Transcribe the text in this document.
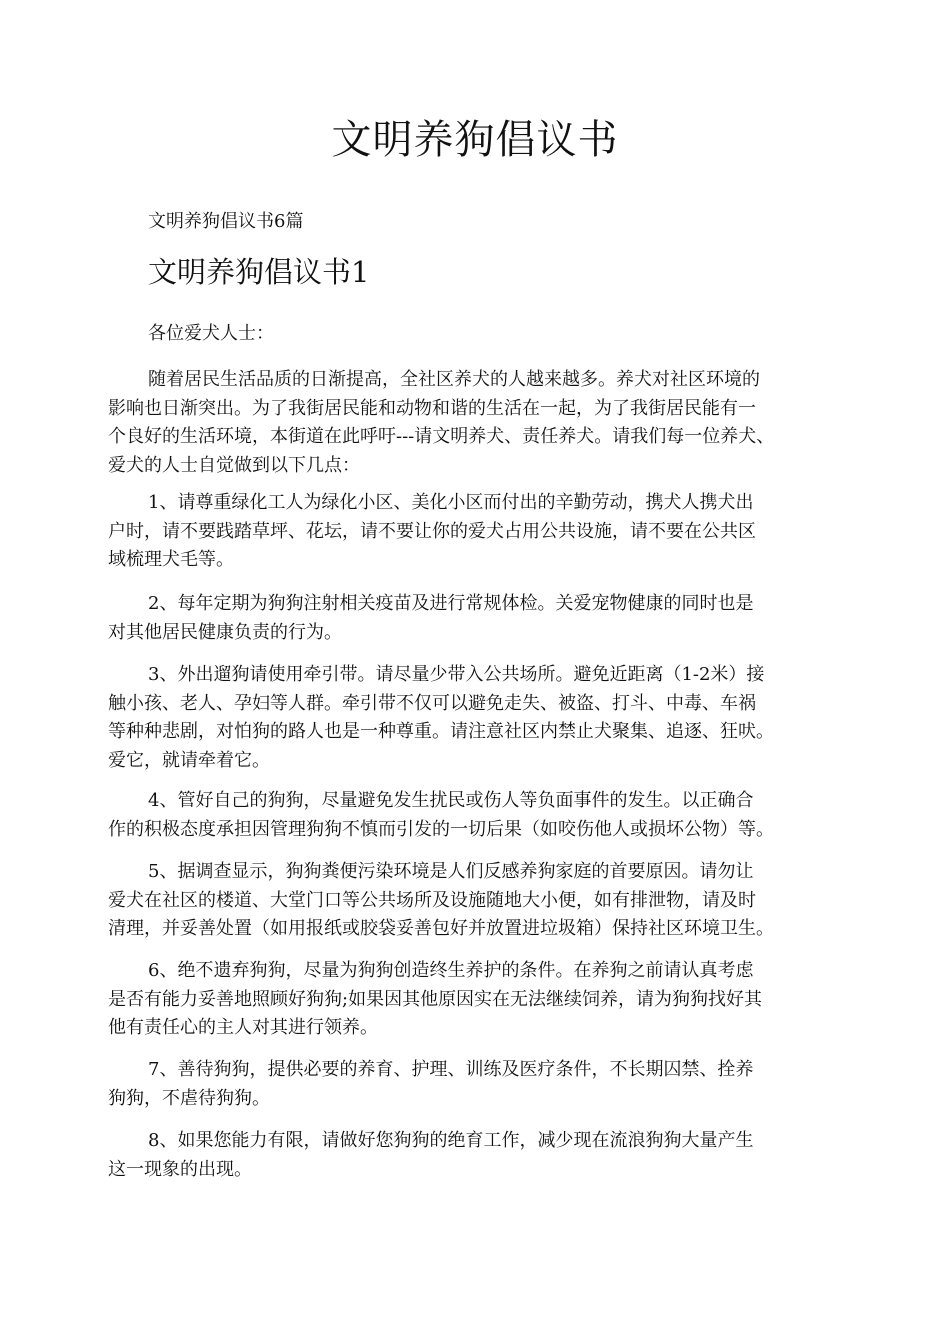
文明养狗倡议书

文明养狗倡议书6篇

文明养狗倡议书1

各位爱犬人士：

随着居民生活品质的日渐提高，全社区养犬的人越来越多。养犬对社区环境的
影响也日渐突出。为了我街居民能和动物和谐的生活在一起，为了我街居民能有一
个良好的生活环境，本街道在此呼吁---请文明养犬、责任养犬。请我们每一位养犬、
爱犬的人士自觉做到以下几点：
1、请尊重绿化工人为绿化小区、美化小区而付出的辛勤劳动，携犬人携犬出
户时，请不要践踏草坪、花坛，请不要让你的爱犬占用公共设施，请不要在公共区
域梳理犬毛等。
2、每年定期为狗狗注射相关疫苗及进行常规体检。关爱宠物健康的同时也是
对其他居民健康负责的行为。
3、外出遛狗请使用牵引带。请尽量少带入公共场所。避免近距离（1-2米）接
触小孩、老人、孕妇等人群。牵引带不仅可以避免走失、被盗、打斗、中毒、车祸
等种种悲剧，对怕狗的路人也是一种尊重。请注意社区内禁止犬聚集、追逐、狂吠。
爱它，就请牵着它。
4、管好自己的狗狗，尽量避免发生扰民或伤人等负面事件的发生。以正确合
作的积极态度承担因管理狗狗不慎而引发的一切后果（如咬伤他人或损坏公物）等。
5、据调查显示，狗狗粪便污染环境是人们反感养狗家庭的首要原因。请勿让
爱犬在社区的楼道、大堂门口等公共场所及设施随地大小便，如有排泄物，请及时
清理，并妥善处置（如用报纸或胶袋妥善包好并放置进垃圾箱）保持社区环境卫生。
6、绝不遗弃狗狗，尽量为狗狗创造终生养护的条件。在养狗之前请认真考虑
是否有能力妥善地照顾好狗狗;如果因其他原因实在无法继续饲养，请为狗狗找好其
他有责任心的主人对其进行领养。
7、善待狗狗，提供必要的养育、护理、训练及医疗条件，不长期囚禁、拴养
狗狗，不虐待狗狗。
8、如果您能力有限，请做好您狗狗的绝育工作，减少现在流浪狗狗大量产生
这一现象的出现。
